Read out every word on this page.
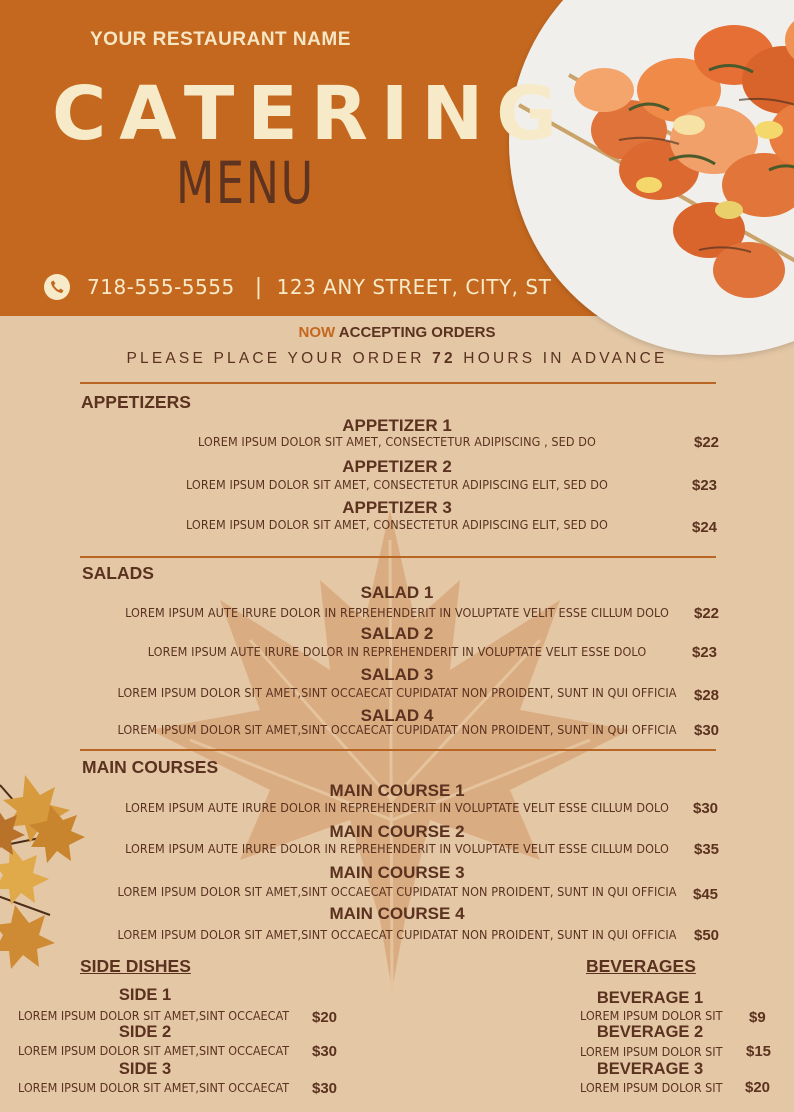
YOUR RESTAURANT NAME
CATERING
MENU
718-555-5555 | 123 ANY STREET, CITY, ST
NOW ACCEPTING ORDERS
PLEASE PLACE YOUR ORDER 72 HOURS IN ADVANCE
APPETIZERS
APPETIZER 1
LOREM IPSUM DOLOR SIT AMET, CONSECTETUR ADIPISCING , SED DO	$22
APPETIZER 2
LOREM IPSUM DOLOR SIT AMET, CONSECTETUR ADIPISCING ELIT, SED DO	$23
APPETIZER 3
LOREM IPSUM DOLOR SIT AMET, CONSECTETUR ADIPISCING ELIT, SED DO	$24
SALADS
SALAD 1
LOREM IPSUM AUTE IRURE DOLOR IN REPREHENDERIT IN VOLUPTATE VELIT ESSE CILLUM DOLO	$22
SALAD 2
LOREM IPSUM AUTE IRURE DOLOR IN REPREHENDERIT IN VOLUPTATE VELIT ESSE DOLO	$23
SALAD 3
LOREM IPSUM DOLOR SIT AMET,SINT OCCAECAT CUPIDATAT NON PROIDENT, SUNT IN QUI OFFICIA	$28
SALAD 4
LOREM IPSUM DOLOR SIT AMET,SINT OCCAECAT CUPIDATAT NON PROIDENT, SUNT IN QUI OFFICIA	$30
MAIN COURSES
MAIN COURSE 1
LOREM IPSUM AUTE IRURE DOLOR IN REPREHENDERIT IN VOLUPTATE VELIT ESSE CILLUM DOLO	$30
MAIN COURSE 2
LOREM IPSUM AUTE IRURE DOLOR IN REPREHENDERIT IN VOLUPTATE VELIT ESSE CILLUM DOLO	$35
MAIN COURSE 3
LOREM IPSUM DOLOR SIT AMET,SINT OCCAECAT CUPIDATAT NON PROIDENT, SUNT IN QUI OFFICIA	$45
MAIN COURSE 4
LOREM IPSUM DOLOR SIT AMET,SINT OCCAECAT CUPIDATAT NON PROIDENT, SUNT IN QUI OFFICIA	$50
SIDE DISHES
SIDE 1
LOREM IPSUM DOLOR SIT AMET,SINT OCCAECAT $20
SIDE 2
LOREM IPSUM DOLOR SIT AMET,SINT OCCAECAT $30
SIDE 3
LOREM IPSUM DOLOR SIT AMET,SINT OCCAECAT $30
BEVERAGES
BEVERAGE 1
LOREM IPSUM DOLOR SIT $9
BEVERAGE 2
LOREM IPSUM DOLOR SIT $15
BEVERAGE 3
LOREM IPSUM DOLOR SIT $20
